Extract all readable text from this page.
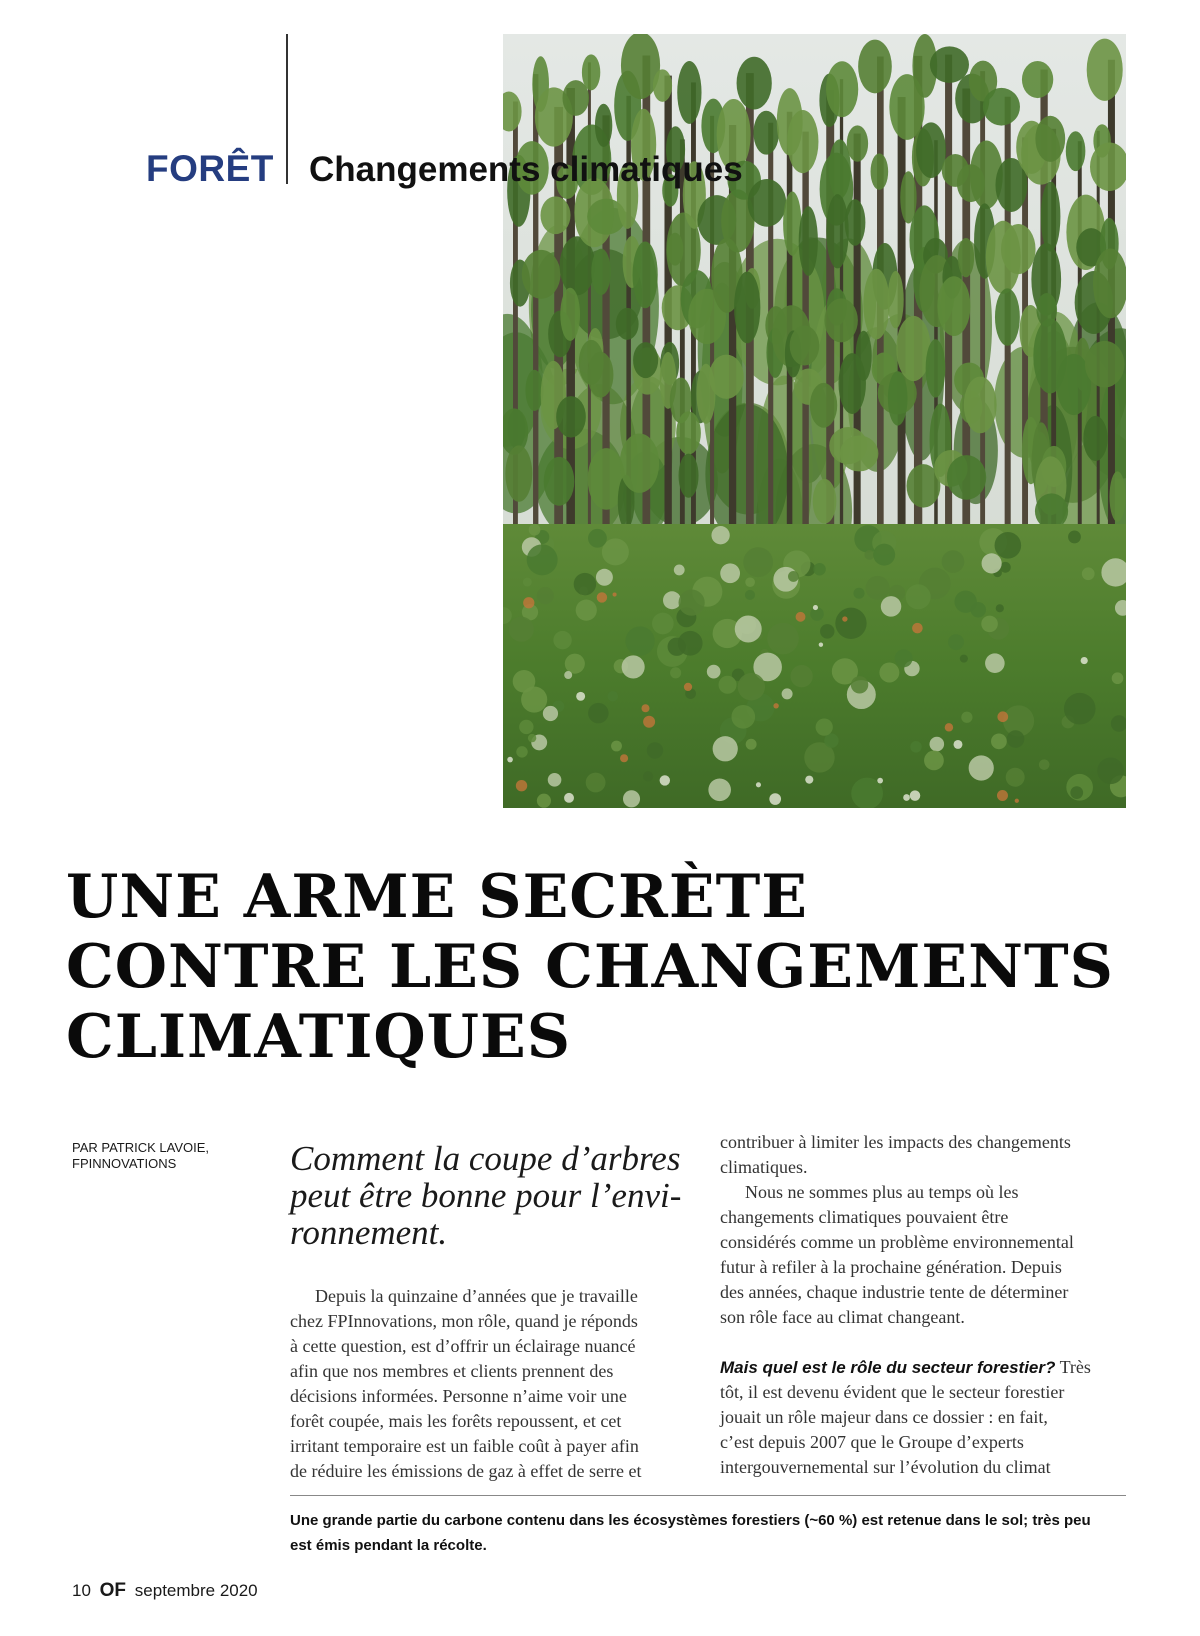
FORÊT Changements climatiques
UNE ARME SECRÈTE
CONTRE LES CHANGEMENTS
CLIMATIQUES
PAR PATRICK LAVOIE,
FPINNOVATIONS	Comment la coupe d’arbres
peut être bonne pour l’envi-
ronnement.

Depuis la quinzaine d’années que je travaille
chez FPInnovations, mon rôle, quand je réponds
à cette question, est d’offrir un éclairage nuancé
afin que nos membres et clients prennent des
décisions informées. Personne n’aime voir une
forêt coupée, mais les forêts repoussent, et cet
irritant temporaire est un faible coût à payer afin
de réduire les émissions de gaz à effet de serre et

contribuer à limiter les impacts des changements
climatiques.

Nous ne sommes plus au temps où les
changements climatiques pouvaient être
considérés comme un problème environnemental
futur à refiler à la prochaine génération. Depuis
des années, chaque industrie tente de déterminer
son rôle face au climat changeant.

Mais quel est le rôle du secteur forestier? Très
tôt, il est devenu évident que le secteur forestier
jouait un rôle majeur dans ce dossier : en fait,
c’est depuis 2007 que le Groupe d’experts
intergouvernemental sur l’évolution du climat

Une grande partie du carbone contenu dans les écosystèmes forestiers (~60 %) est retenue dans le sol; très peu
est émis pendant la récolte.
10 OF septembre 2020
